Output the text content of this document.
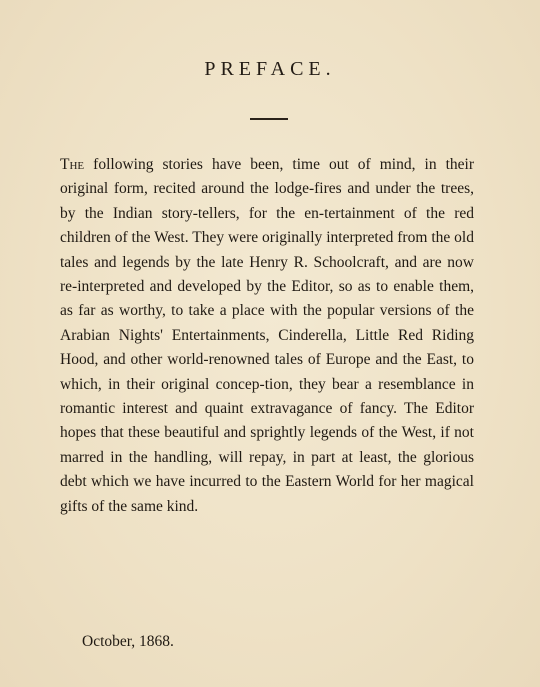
PREFACE.

The following stories have been, time out of mind, in their original form, recited around the lodge-fires and under the trees, by the Indian story-tellers, for the en-tertainment of the red children of the West. They were originally interpreted from the old tales and legends by the late Henry R. Schoolcraft, and are now re-interpreted and developed by the Editor, so as to enable them, as far as worthy, to take a place with the popular versions of the Arabian Nights' Entertainments, Cinderella, Little Red Riding Hood, and other world-renowned tales of Europe and the East, to which, in their original concep-tion, they bear a resemblance in romantic interest and quaint extravagance of fancy. The Editor hopes that these beautiful and sprightly legends of the West, if not marred in the handling, will repay, in part at least, the glorious debt which we have incurred to the Eastern World for her magical gifts of the same kind.

October, 1868.
